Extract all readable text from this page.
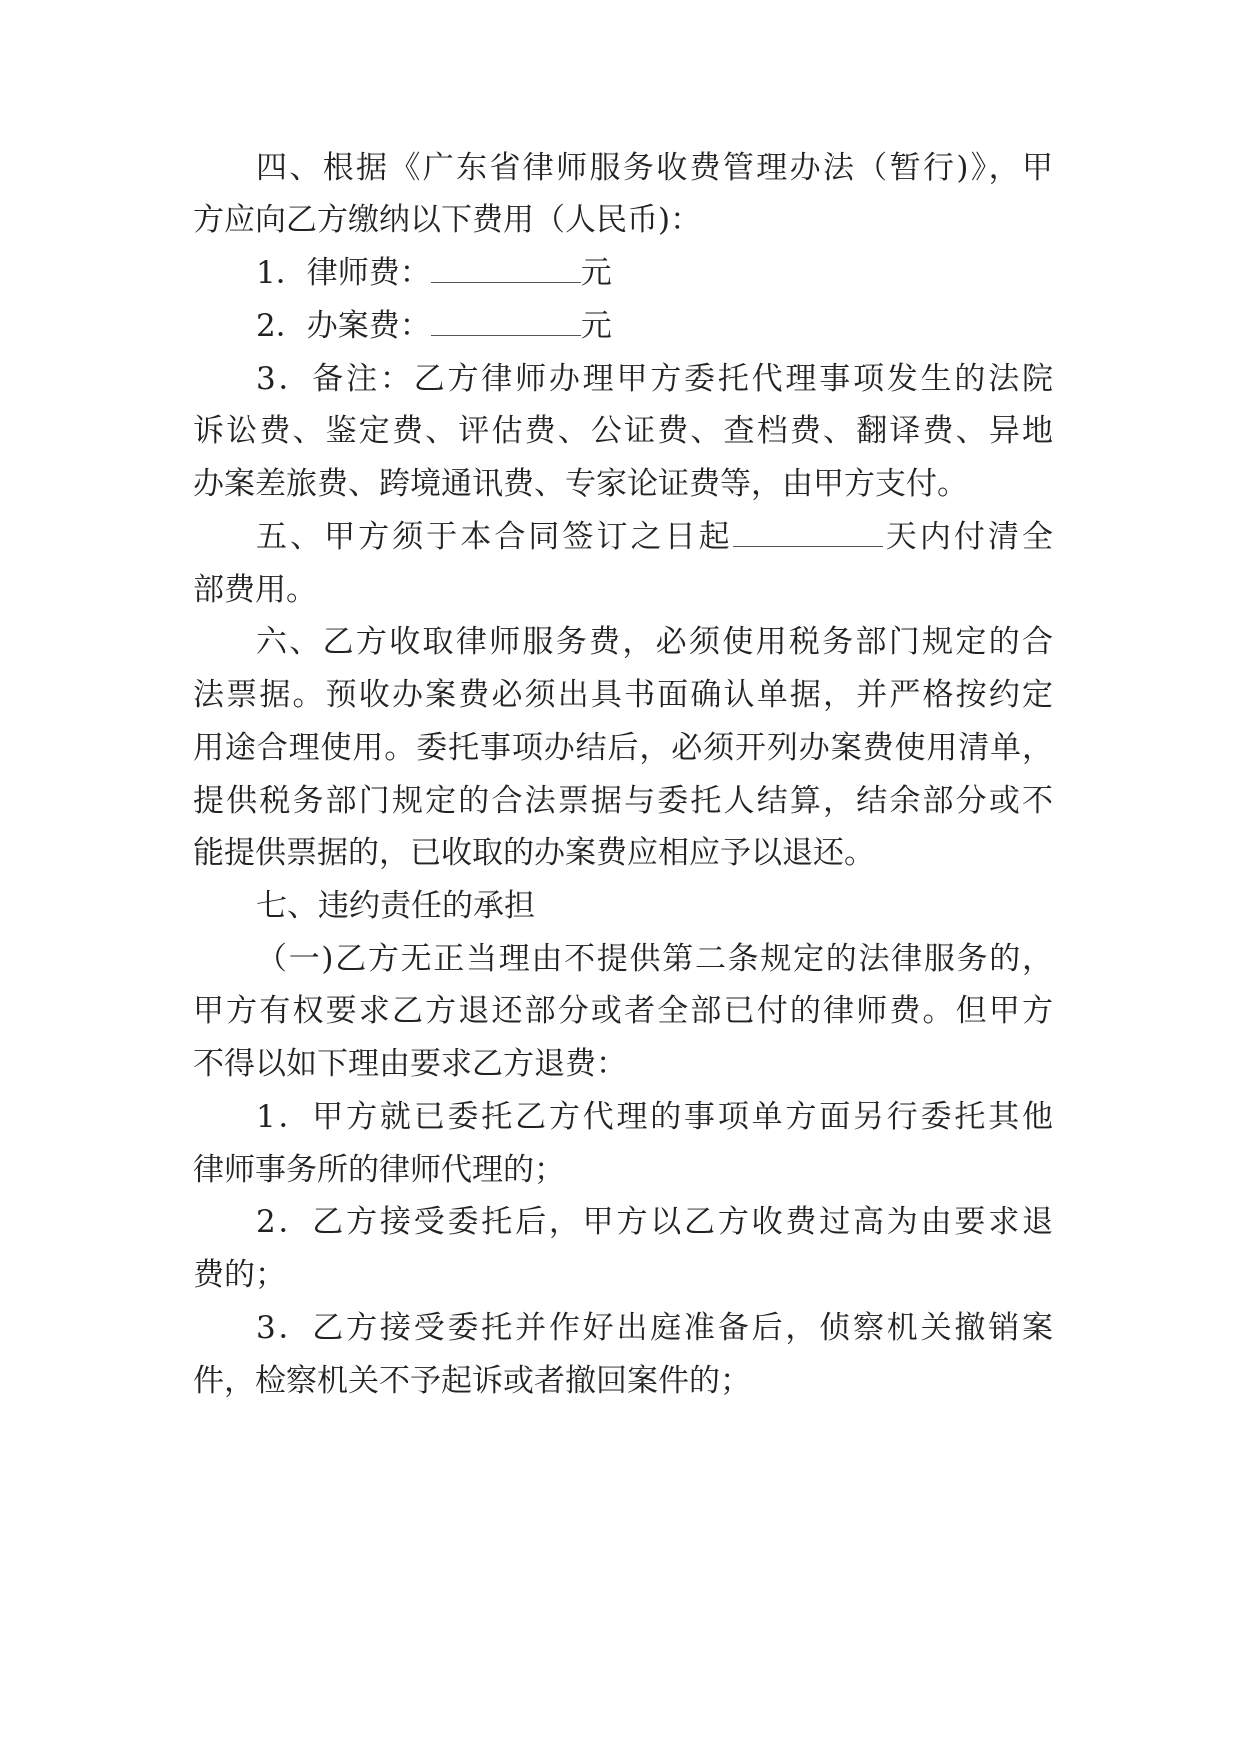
四、根据《广东省律师服务收费管理办法（暂行)》，甲

方应向乙方缴纳以下费用（人民币)：

1．律师费：	元

2．办案费：	元

3．备注：乙方律师办理甲方委托代理事项发生的法院

诉讼费、鉴定费、评估费、公证费、查档费、翻译费、异地

办案差旅费、跨境通讯费、专家论证费等，由甲方支付。

五、甲方须于本合同签订之日起	天内付清全

部费用。

六、乙方收取律师服务费，必须使用税务部门规定的合

法票据。预收办案费必须出具书面确认单据，并严格按约定

用途合理使用。委托事项办结后，必须开列办案费使用清单，

提供税务部门规定的合法票据与委托人结算，结余部分或不

能提供票据的，已收取的办案费应相应予以退还。

七、违约责任的承担

（一)乙方无正当理由不提供第二条规定的法律服务的，

甲方有权要求乙方退还部分或者全部已付的律师费。但甲方

不得以如下理由要求乙方退费：

1．甲方就已委托乙方代理的事项单方面另行委托其他

律师事务所的律师代理的；

2．乙方接受委托后，甲方以乙方收费过高为由要求退

费的；

3．乙方接受委托并作好出庭准备后，侦察机关撤销案

件，检察机关不予起诉或者撤回案件的；
